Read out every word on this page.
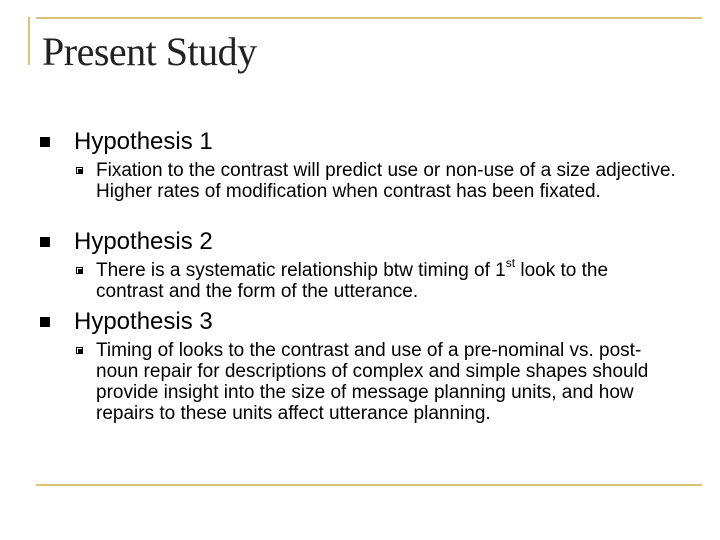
Present Study
Hypothesis 1
Fixation to the contrast will predict use or non-use of a size adjective. Higher rates of modification when contrast has been fixated.
Hypothesis 2
There is a systematic relationship btw timing of 1st look to the contrast and the form of the utterance.
Hypothesis 3
Timing of looks to the contrast and use of a pre-nominal vs. post-noun repair for descriptions of complex and simple shapes should provide insight into the size of message planning units, and how repairs to these units affect utterance planning.
